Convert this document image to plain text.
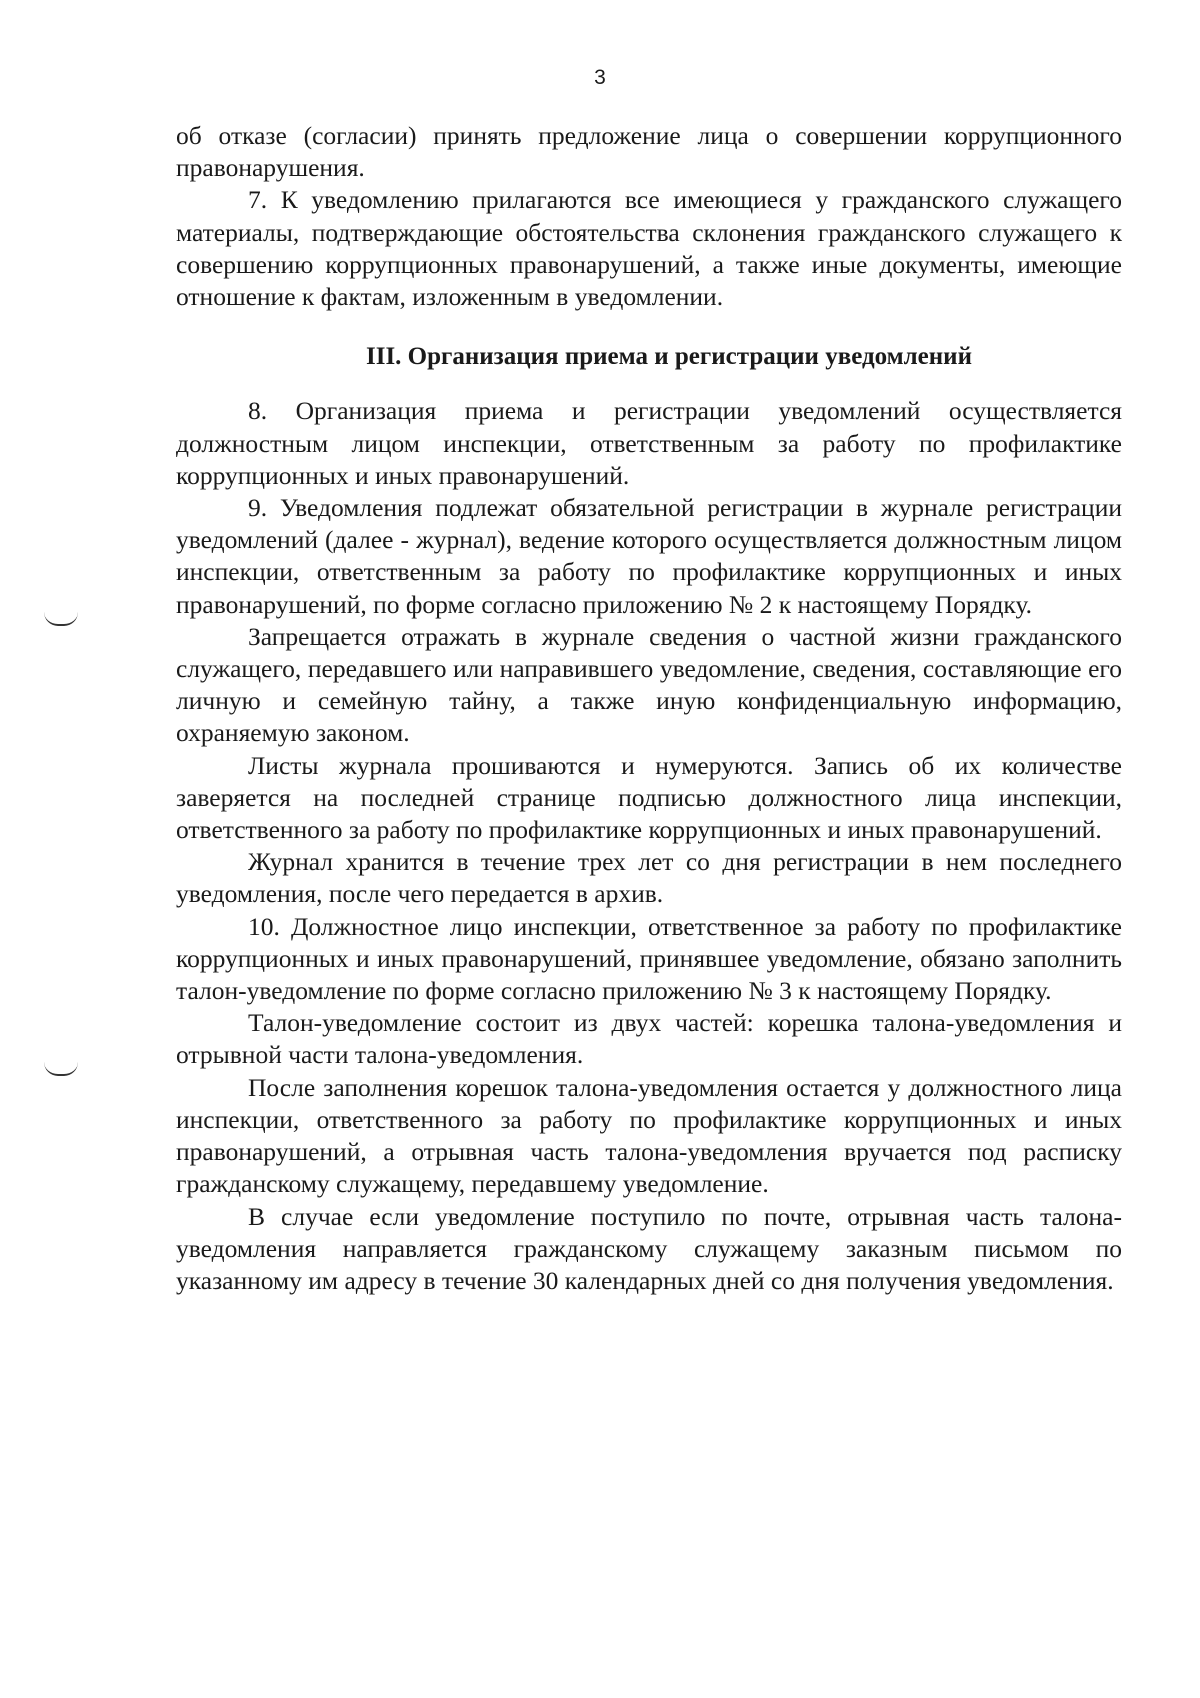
3

об отказе (согласии) принять предложение лица о совершении коррупционного правонарушения.

7. К уведомлению прилагаются все имеющиеся у гражданского служащего материалы, подтверждающие обстоятельства склонения гражданского служащего к совершению коррупционных правонарушений, а также иные документы, имеющие отношение к фактам, изложенным в уведомлении.

III. Организация приема и регистрации уведомлений

8. Организация приема и регистрации уведомлений осуществляется должностным лицом инспекции, ответственным за работу по профилактике коррупционных и иных правонарушений.

9. Уведомления подлежат обязательной регистрации в журнале регистрации уведомлений (далее - журнал), ведение которого осуществляется должностным лицом инспекции, ответственным за работу по профилактике коррупционных и иных правонарушений, по форме согласно приложению № 2 к настоящему Порядку.

Запрещается отражать в журнале сведения о частной жизни гражданского служащего, передавшего или направившего уведомление, сведения, составляющие его личную и семейную тайну, а также иную конфиденциальную информацию, охраняемую законом.

Листы журнала прошиваются и нумеруются. Запись об их количестве заверяется на последней странице подписью должностного лица инспекции, ответственного за работу по профилактике коррупционных и иных правонарушений.

Журнал хранится в течение трех лет со дня регистрации в нем последнего уведомления, после чего передается в архив.

10. Должностное лицо инспекции, ответственное за работу по профилактике коррупционных и иных правонарушений, принявшее уведомление, обязано заполнить талон-уведомление по форме согласно приложению № 3 к настоящему Порядку.

Талон-уведомление состоит из двух частей: корешка талона-уведомления и отрывной части талона-уведомления.

После заполнения корешок талона-уведомления остается у должностного лица инспекции, ответственного за работу по профилактике коррупционных и иных правонарушений, а отрывная часть талона-уведомления вручается под расписку гражданскому служащему, передавшему уведомление.

В случае если уведомление поступило по почте, отрывная часть талона-уведомления направляется гражданскому служащему заказным письмом по указанному им адресу в течение 30 календарных дней со дня получения уведомления.
